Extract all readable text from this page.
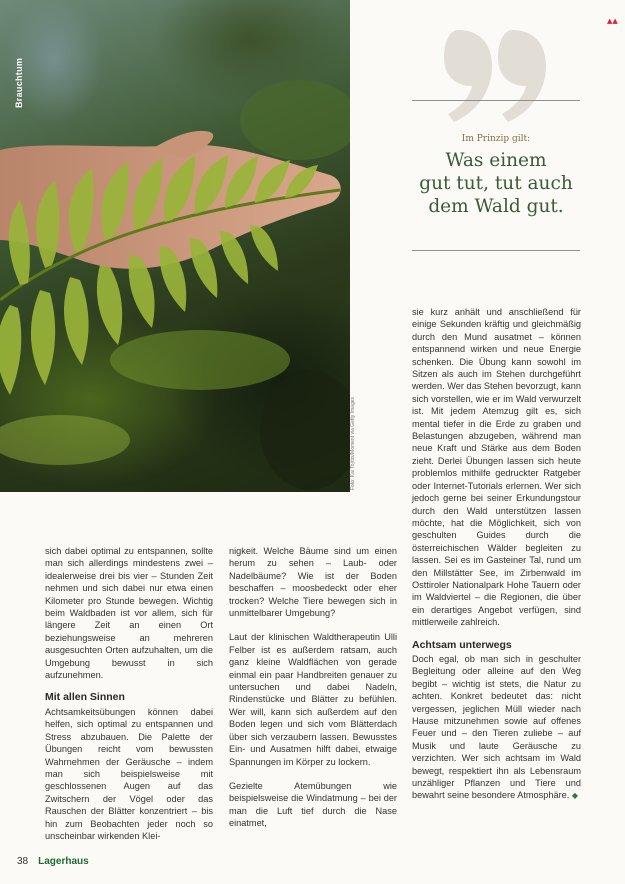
Brauchtum
Foto: Kai Tojrbs/Moment via Getty Images
▲▲
Im Prinzip gilt:
Was einem
gut tut, tut auch
dem Wald gut.

sich dabei optimal zu entspannen, sollte man sich allerdings mindestens zwei – idealerweise drei bis vier – Stunden Zeit nehmen und sich dabei nur etwa einen Kilometer pro Stunde bewegen. Wichtig beim Waldbaden ist vor allem, sich für längere Zeit an einen Ort beziehungsweise an mehreren ausgesuchten Orten aufzuhalten, um die Umgebung bewusst in sich aufzunehmen.

Mit allen Sinnen

Achtsamkeitsübungen können dabei helfen, sich optimal zu entspannen und Stress abzubauen. Die Palette der Übungen reicht vom bewussten Wahrnehmen der Geräusche – indem man sich beispielsweise mit geschlossenen Augen auf das Zwitschern der Vögel oder das Rauschen der Blätter konzentriert – bis hin zum Beobachten jeder noch so unscheinbar wirkenden Klei-

nigkeit. Welche Bäume sind um einen herum zu sehen – Laub- oder Nadelbäume? Wie ist der Boden beschaffen – moosbedeckt oder eher trocken? Welche Tiere bewegen sich in unmittelbarer Umgebung?

Laut der klinischen Waldtherapeutin Ulli Felber ist es außerdem ratsam, auch ganz kleine Waldflächen von gerade einmal ein paar Handbreiten genauer zu untersuchen und dabei Nadeln, Rindenstücke und Blätter zu befühlen. Wer will, kann sich außerdem auf den Boden legen und sich vom Blätterdach über sich verzaubern lassen. Bewusstes Ein- und Ausatmen hilft dabei, etwaige Spannungen im Körper zu lockern.

Gezielte Atemübungen wie beispielsweise die Windatmung – bei der man die Luft tief durch die Nase einatmet,

sie kurz anhält und anschließend für einige Sekunden kräftig und gleichmäßig durch den Mund ausatmet – können entspannend wirken und neue Energie schenken. Die Übung kann sowohl im Sitzen als auch im Stehen durchgeführt werden. Wer das Stehen bevorzugt, kann sich vorstellen, wie er im Wald verwurzelt ist. Mit jedem Atemzug gilt es, sich mental tiefer in die Erde zu graben und Belastungen abzugeben, während man neue Kraft und Stärke aus dem Boden zieht. Derlei Übungen lassen sich heute problemlos mithilfe gedruckter Ratgeber oder Internet-Tutorials erlernen. Wer sich jedoch gerne bei seiner Erkundungstour durch den Wald unterstützen lassen möchte, hat die Möglichkeit, sich von geschulten Guides durch die österreichischen Wälder begleiten zu lassen. Sei es im Gasteiner Tal, rund um den Millstätter See, im Zirbenwald im Osttiroler Nationalpark Hohe Tauern oder im Waldviertel – die Regionen, die über ein derartiges Angebot verfügen, sind mittlerweile zahlreich.

Achtsam unterwegs

Doch egal, ob man sich in geschulter Begleitung oder alleine auf den Weg begibt – wichtig ist stets, die Natur zu achten. Konkret bedeutet das: nicht vergessen, jeglichen Müll wieder nach Hause mitzunehmen sowie auf offenes Feuer und – den Tieren zuliebe – auf Musik und laute Geräusche zu verzichten. Wer sich achtsam im Wald bewegt, respektiert ihn als Lebensraum unzähliger Pflanzen und Tiere und bewahrt seine besondere Atmosphäre. ◆

38 Lagerhaus
